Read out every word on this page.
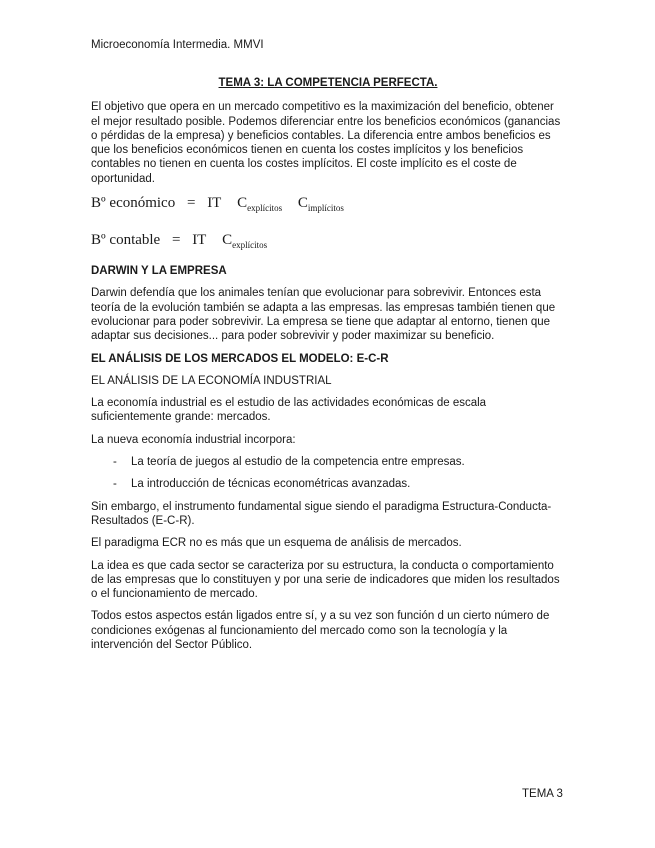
Microeconomía Intermedia. MMVI
TEMA 3: LA COMPETENCIA PERFECTA.

El objetivo que opera en un mercado competitivo es la maximización del beneficio, obtener el mejor resultado posible. Podemos diferenciar entre los beneficios económicos (ganancias o pérdidas de la empresa) y beneficios contables. La diferencia entre ambos beneficios es que los beneficios económicos tienen en cuenta los costes implícitos y los beneficios contables no tienen en cuenta los costes implícitos. El coste implícito es el coste de oportunidad.

Bº económico = IT $C_{explícitos}$ $C_{implícitos}$
Bº contable = IT $C_{explícitos}$
DARWIN Y LA EMPRESA

Darwin defendía que los animales tenían que evolucionar para sobrevivir. Entonces esta teoría de la evolución también se adapta a las empresas. las empresas también tienen que evolucionar para poder sobrevivir. La empresa se tiene que adaptar al entorno, tienen que adaptar sus decisiones... para poder sobrevivir y poder maximizar su beneficio.

EL ANÁLISIS DE LOS MERCADOS EL MODELO: E-C-R

EL ANÁLISIS DE LA ECONOMÍA INDUSTRIAL

La economía industrial es el estudio de las actividades económicas de escala suficientemente grande: mercados.

La nueva economía industrial incorpora:

- La teoría de juegos al estudio de la competencia entre empresas.
- La introducción de técnicas econométricas avanzadas.

Sin embargo, el instrumento fundamental sigue siendo el paradigma Estructura-Conducta-Resultados (E-C-R).

El paradigma ECR no es más que un esquema de análisis de mercados.

La idea es que cada sector se caracteriza por su estructura, la conducta o comportamiento de las empresas que lo constituyen y por una serie de indicadores que miden los resultados o el funcionamiento de mercado.

Todos estos aspectos están ligados entre sí, y a su vez son función d un cierto número de condiciones exógenas al funcionamiento del mercado como son la tecnología y la intervención del Sector Público.

TEMA 3
